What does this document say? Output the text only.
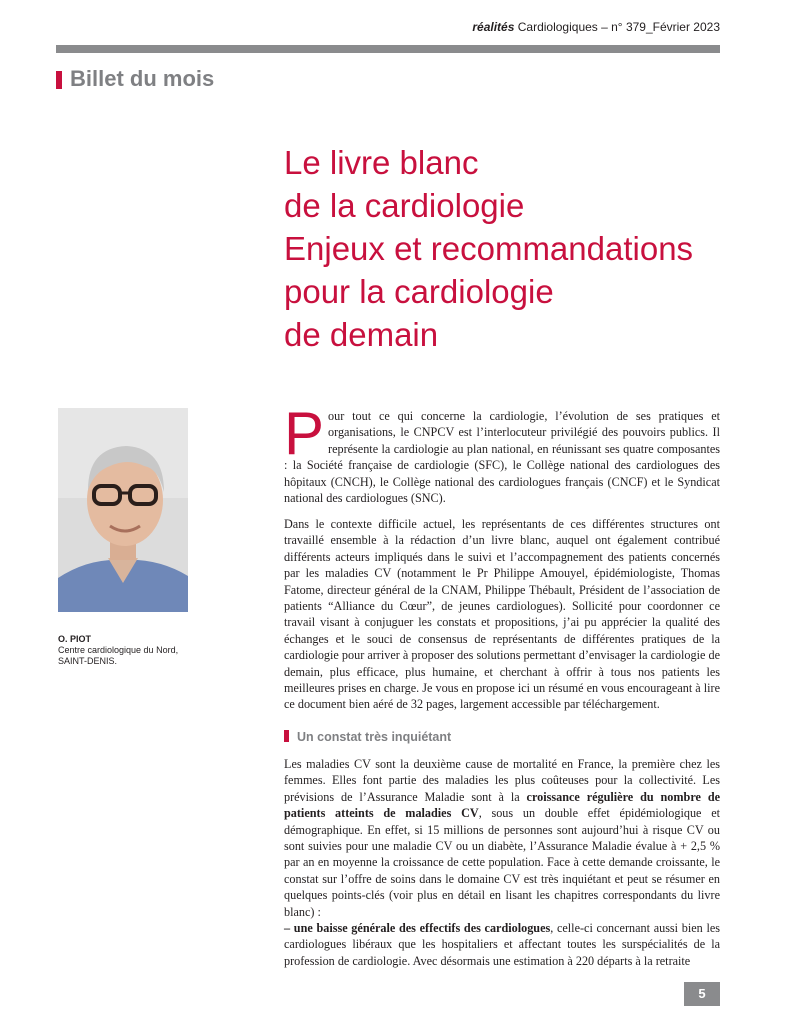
réalités Cardiologiques – n° 379_Février 2023
Billet du mois
Le livre blanc
de la cardiologie
Enjeux et recommandations
pour la cardiologie
de demain
O. PIOT
Centre cardiologique du Nord,
SAINT-DENIS.
Pour tout ce qui concerne la cardiologie, l’évolution de ses pratiques et organisations, le CNPCV est l’interlocuteur privilégié des pouvoirs publics. Il représente la cardiologie au plan national, en réunissant ses quatre composantes : la Société française de cardiologie (SFC), le Collège national des cardiologues des hôpitaux (CNCH), le Collège national des cardiologues français (CNCF) et le Syndicat national des cardiologues (SNC).
Dans le contexte difficile actuel, les représentants de ces différentes structures ont travaillé ensemble à la rédaction d’un livre blanc, auquel ont également contribué différents acteurs impliqués dans le suivi et l’accompagnement des patients concernés par les maladies CV (notamment le Pr Philippe Amouyel, épidémiologiste, Thomas Fatome, directeur général de la CNAM, Philippe Thébault, Président de l’association de patients “Alliance du Cœur”, de jeunes cardiologues). Sollicité pour coordonner ce travail visant à conjuguer les constats et propositions, j’ai pu apprécier la qualité des échanges et le souci de consensus de représentants de différentes pratiques de la cardiologie pour arriver à proposer des solutions permettant d’envisager la cardiologie de demain, plus efficace, plus humaine, et cherchant à offrir à tous nos patients les meilleures prises en charge. Je vous en propose ici un résumé en vous encourageant à lire ce document bien aéré de 32 pages, largement accessible par téléchargement.
Un constat très inquiétant
Les maladies CV sont la deuxième cause de mortalité en France, la première chez les femmes. Elles font partie des maladies les plus coûteuses pour la collectivité. Les prévisions de l’Assurance Maladie sont à la croissance régulière du nombre de patients atteints de maladies CV, sous un double effet épidémiologique et démographique. En effet, si 15 millions de personnes sont aujourd’hui à risque CV ou sont suivies pour une maladie CV ou un diabète, l’Assurance Maladie évalue à + 2,5 % par an en moyenne la croissance de cette population. Face à cette demande croissante, le constat sur l’offre de soins dans le domaine CV est très inquiétant et peut se résumer en quelques points-clés (voir plus en détail en lisant les chapitres correspondants du livre blanc) :
– une baisse générale des effectifs des cardiologues, celle-ci concernant aussi bien les cardiologues libéraux que les hospitaliers et affectant toutes les surspécialités de la profession de cardiologie. Avec désormais une estimation à 220 départs à la retraite
5
